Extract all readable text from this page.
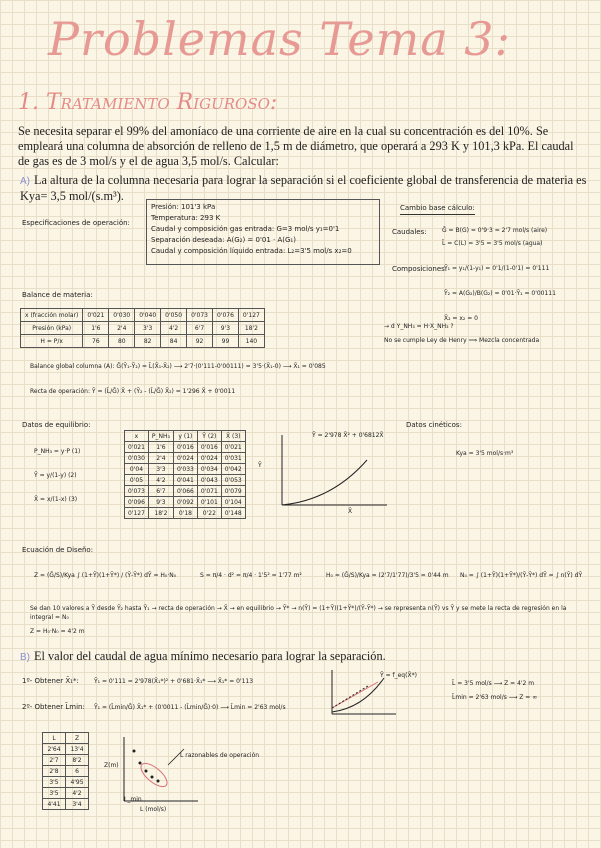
Problemas Tema 3:
1. Tratamiento Riguroso:
Se necesita separar el 99% del amoníaco de una corriente de aire en la cual su concentración es del 10%. Se empleará una columna de absorción de relleno de 1,5 m de diámetro, que operará a 293 K y 101,3 kPa. El caudal de gas es de 3 mol/s y el de agua 3,5 mol/s. Calcular:
A) La altura de la columna necesaria para lograr la separación si el coeficiente global de transferencia de materia es Kya= 3,5 mol/(s.m³).
Especificaciones de operación:
Presión: 101'3 kPa
Temperatura: 293 K
Caudal y composición gas entrada: G=3 mol/s y₁=0'1
Separación deseada: A(G₂) = 0'01 · A(G₁)
Caudal y composición líquido entrada: L₂=3'5 mol/s x₂=0
Cambio base cálculo:
Caudales:	Ḡ = B(G) = 0'9·3 = 2'7 mol/s (aire)
L̄ = C(L) = 3'5 = 3'5 mol/s (agua)
Composiciones:
Ȳ₁ = y₁/(1-y₁) = 0'1/(1-0'1) = 0'111
Ȳ₂ = A(G₂)/B(G₂) = 0'01·Ȳ₁ = 0'00111
X̄₂ = x₂ = 0
Balance de materia:
x (fracción molar)	0'021	0'030	0'040	0'050	0'073	0'076	0'127
Presión (kPa)	1'6	2'4	3'3	4'2	6'7	9'3	18'2
H = P/x	76	80	82	84	92	99	140
→ d Y_NH₃ = H·X_NH₃ ?
No se cumple Ley de Henry ⟹ Mezcla concentrada
Balance global columna (A): Ḡ(Ȳ₁-Ȳ₂) = L̄(X̄₁-X̄₂) ⟶ 2'7·(0'111-0'00111) = 3'5·(X̄₁-0) ⟶ X̄₁ = 0'085
Recta de operación: Ȳ = (L̄/Ḡ) X̄ + (Ȳ₂ - (L̄/Ḡ) X̄₂) = 1'296 X̄ + 0'0011
Datos de equilibrio:
P_NH₃ = y·P (1)
Ȳ = y/(1-y) (2)
X̄ = x/(1-x) (3)
x	P_NH₃	y (1)	Ȳ (2)	X̄ (3)
0'021	1'6	0'016	0'016	0'021
0'030	2'4	0'024	0'024	0'031
0'04	3'3	0'033	0'034	0'042
0'05	4'2	0'041	0'043	0'053
0'073	6'7	0'066	0'071	0'079
0'096	9'3	0'092	0'101	0'104
0'127	18'2	0'18	0'22	0'148
Ȳ = 2'978 X̄² + 0'6812X̄
Ȳ
X̄
Datos cinéticos:
Kya = 3'5 mol/s·m³
Ecuación de Diseño:
Z = (Ḡ/S)/Kya ∫ (1+Ȳ)(1+Ȳ*) / (Ȳ-Ȳ*) dȲ = H₀·N₀	S = π/4 · d² = π/4 · 1'5² = 1'77 m²	H₀ = (Ḡ/S)/Kya = (2'7/1'77)/3'5 = 0'44 m N₀ = ∫ (1+Ȳ)(1+Ȳ*)/(Ȳ-Ȳ*) dȲ = ∫ n(Ȳ) dȲ
Se dan 10 valores a Ȳ desde Ȳ₂ hasta Ȳ₁ → recta de operación → X̄ → en equilibrio → Ȳ* → n(Ȳ) = (1+Ȳ)(1+Ȳ*)/(Ȳ-Ȳ*) → se representa n(Ȳ) vs Ȳ y se mete la recta de regresión en la integral = N₀
Z = H₀·N₀ = 4'2 m
B) El valor del caudal de agua mínimo necesario para lograr la separación.
1º- Obtener X̄₁*:	Ȳ₁ = 0'111 = 2'978(X̄₁*)² + 0'681·X̄₁* ⟶ X̄₁* = 0'113
2º- Obtener L̄min: Ȳ₁ = (L̄min/Ḡ) X̄₁* + (0'0011 - (L̄min/Ḡ)·0) ⟶ L̄min = 2'63 mol/s
Ȳ = f_eq(X̄*)
L̄ = 3'5 mol/s ⟶ Z = 4'2 m
L̄min = 2'63 mol/s ⟶ Z = ∞
L	Z
2'64	13'4
2'7	8'2
2'8	6
3'5	4'95
3'5	4'2
4'41	3'4
L razonables de operación
Z(m)
L (mol/s)
L_min
